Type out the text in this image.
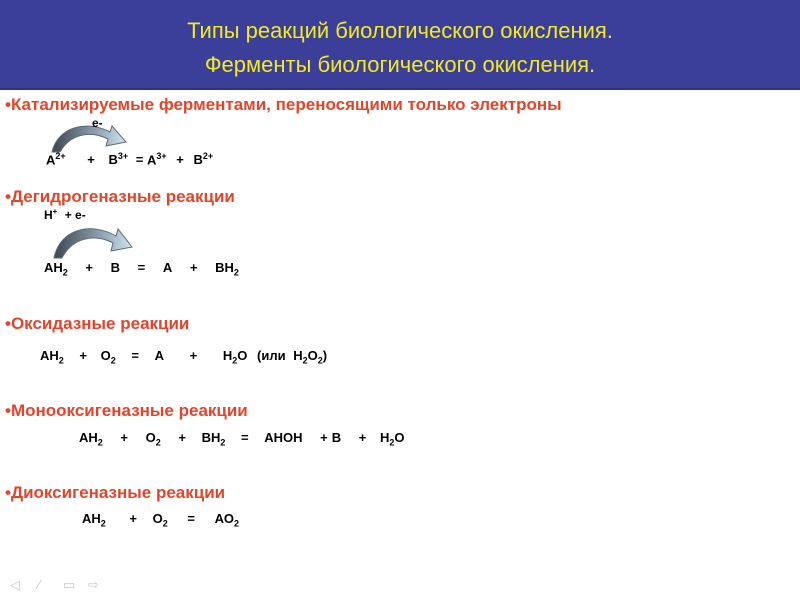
Типы реакций биологического окисления.
Ферменты биологического окисления.
•Катализируемые ферментами, переносящими только электроны
е-
$А^{2+} + В^{3+} = А^{3+} + В^{2+}$
•Дегидрогеназные реакции
Н+ + е-
$АН_2 + В = А + ВН_2$
•Оксидазные реакции
$АН_2 + О_2 = А + Н_2О$ (или $Н_2О_2$)
•Монооксигеназные реакции
$АН_2 + О_2 + ВН_2$ = АНОН + $В + Н_2О$
•Диоксигеназные реакции
$АН_2 + О_2 = АО_2$
◁ ∕ ▭ ⇨
